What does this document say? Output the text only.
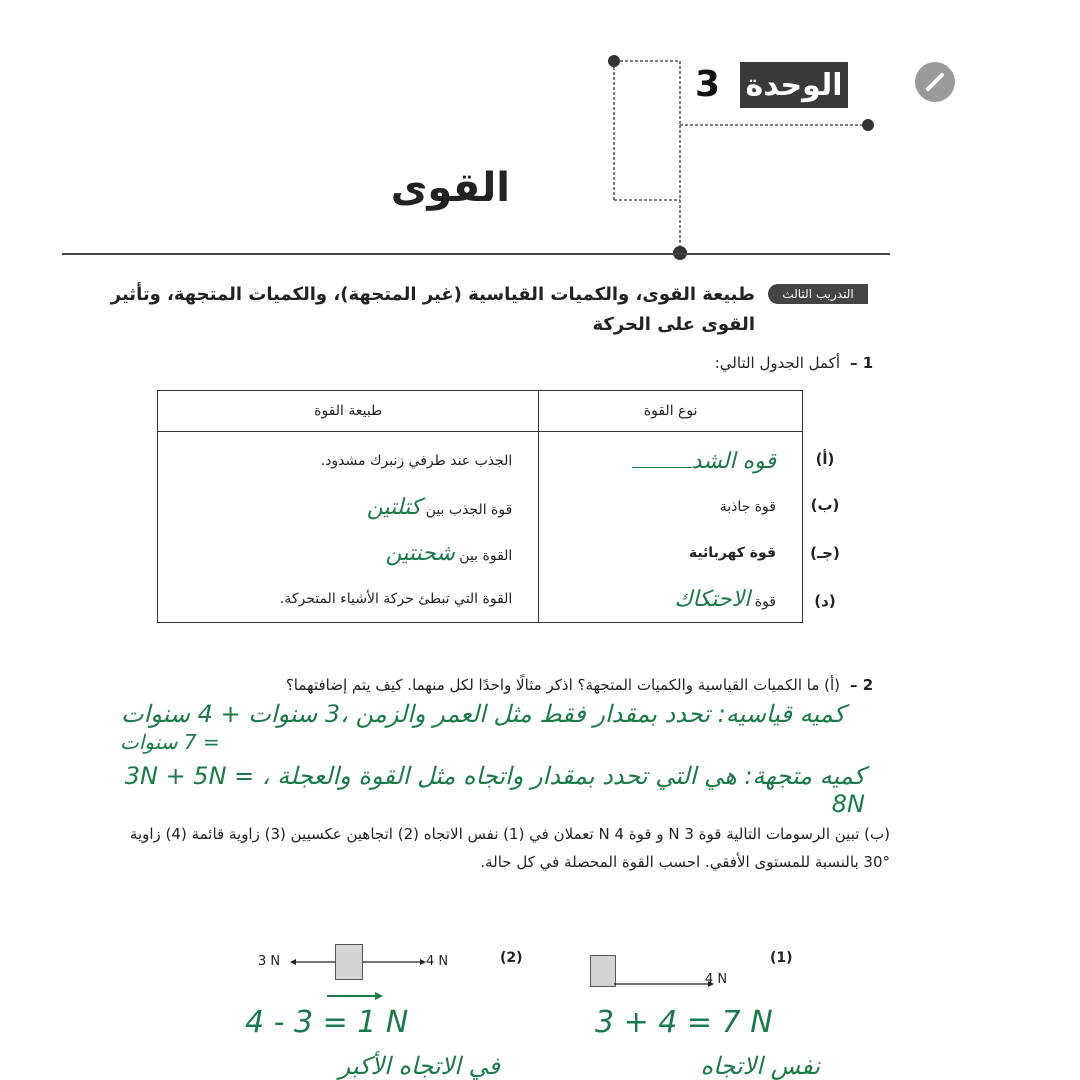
الوحدة
3
القوى
التدريب الثالث
طبيعة القوى، والكميات القياسية (غير المتجهة)، والكميات المتجهة، وتأثير القوى على الحركة
1 –
أكمل الجدول التالي:
نوع القوة	طبيعة القوة
قوه الشد	الجذب عند طرفي زنبرك مشدود.
قوة جاذبة	قوة الجذب بين كتلتين
قوة كهربائية	القوة بين شحنتين
قوة الاحتكاك	القوة التي تبطئ حركة الأشياء المتحركة.
(أ)
(ب)
(جـ)
(د)
2 –
(أ) ما الكميات القياسية والكميات المتجهة؟ اذكر مثالًا واحدًا لكل منهما. كيف يتم إضافتهما؟
كميه قياسيه: تحدد بمقدار فقط مثل العمر والزمن ،3 سنوات + 4 سنوات
= 7 سنوات
كميه متجهة: هي التي تحدد بمقدار واتجاه مثل القوة والعجلة ، 3N + 5N = 8N
(ب) تبين الرسومات التالية قوة N 3 و قوة N 4 تعملان في (1) نفس الاتجاه (2) اتجاهين عكسيين (3) زاوية قائمة (4) زاوية °30 بالنسبة للمستوى الأفقي. احسب القوة المحصلة في كل حالة.
3 N	4 N	(2)
4 - 3 = 1 N
في الاتجاه الأكبر
4 N
(1)
3 + 4 = 7 N
نفس الاتجاه
